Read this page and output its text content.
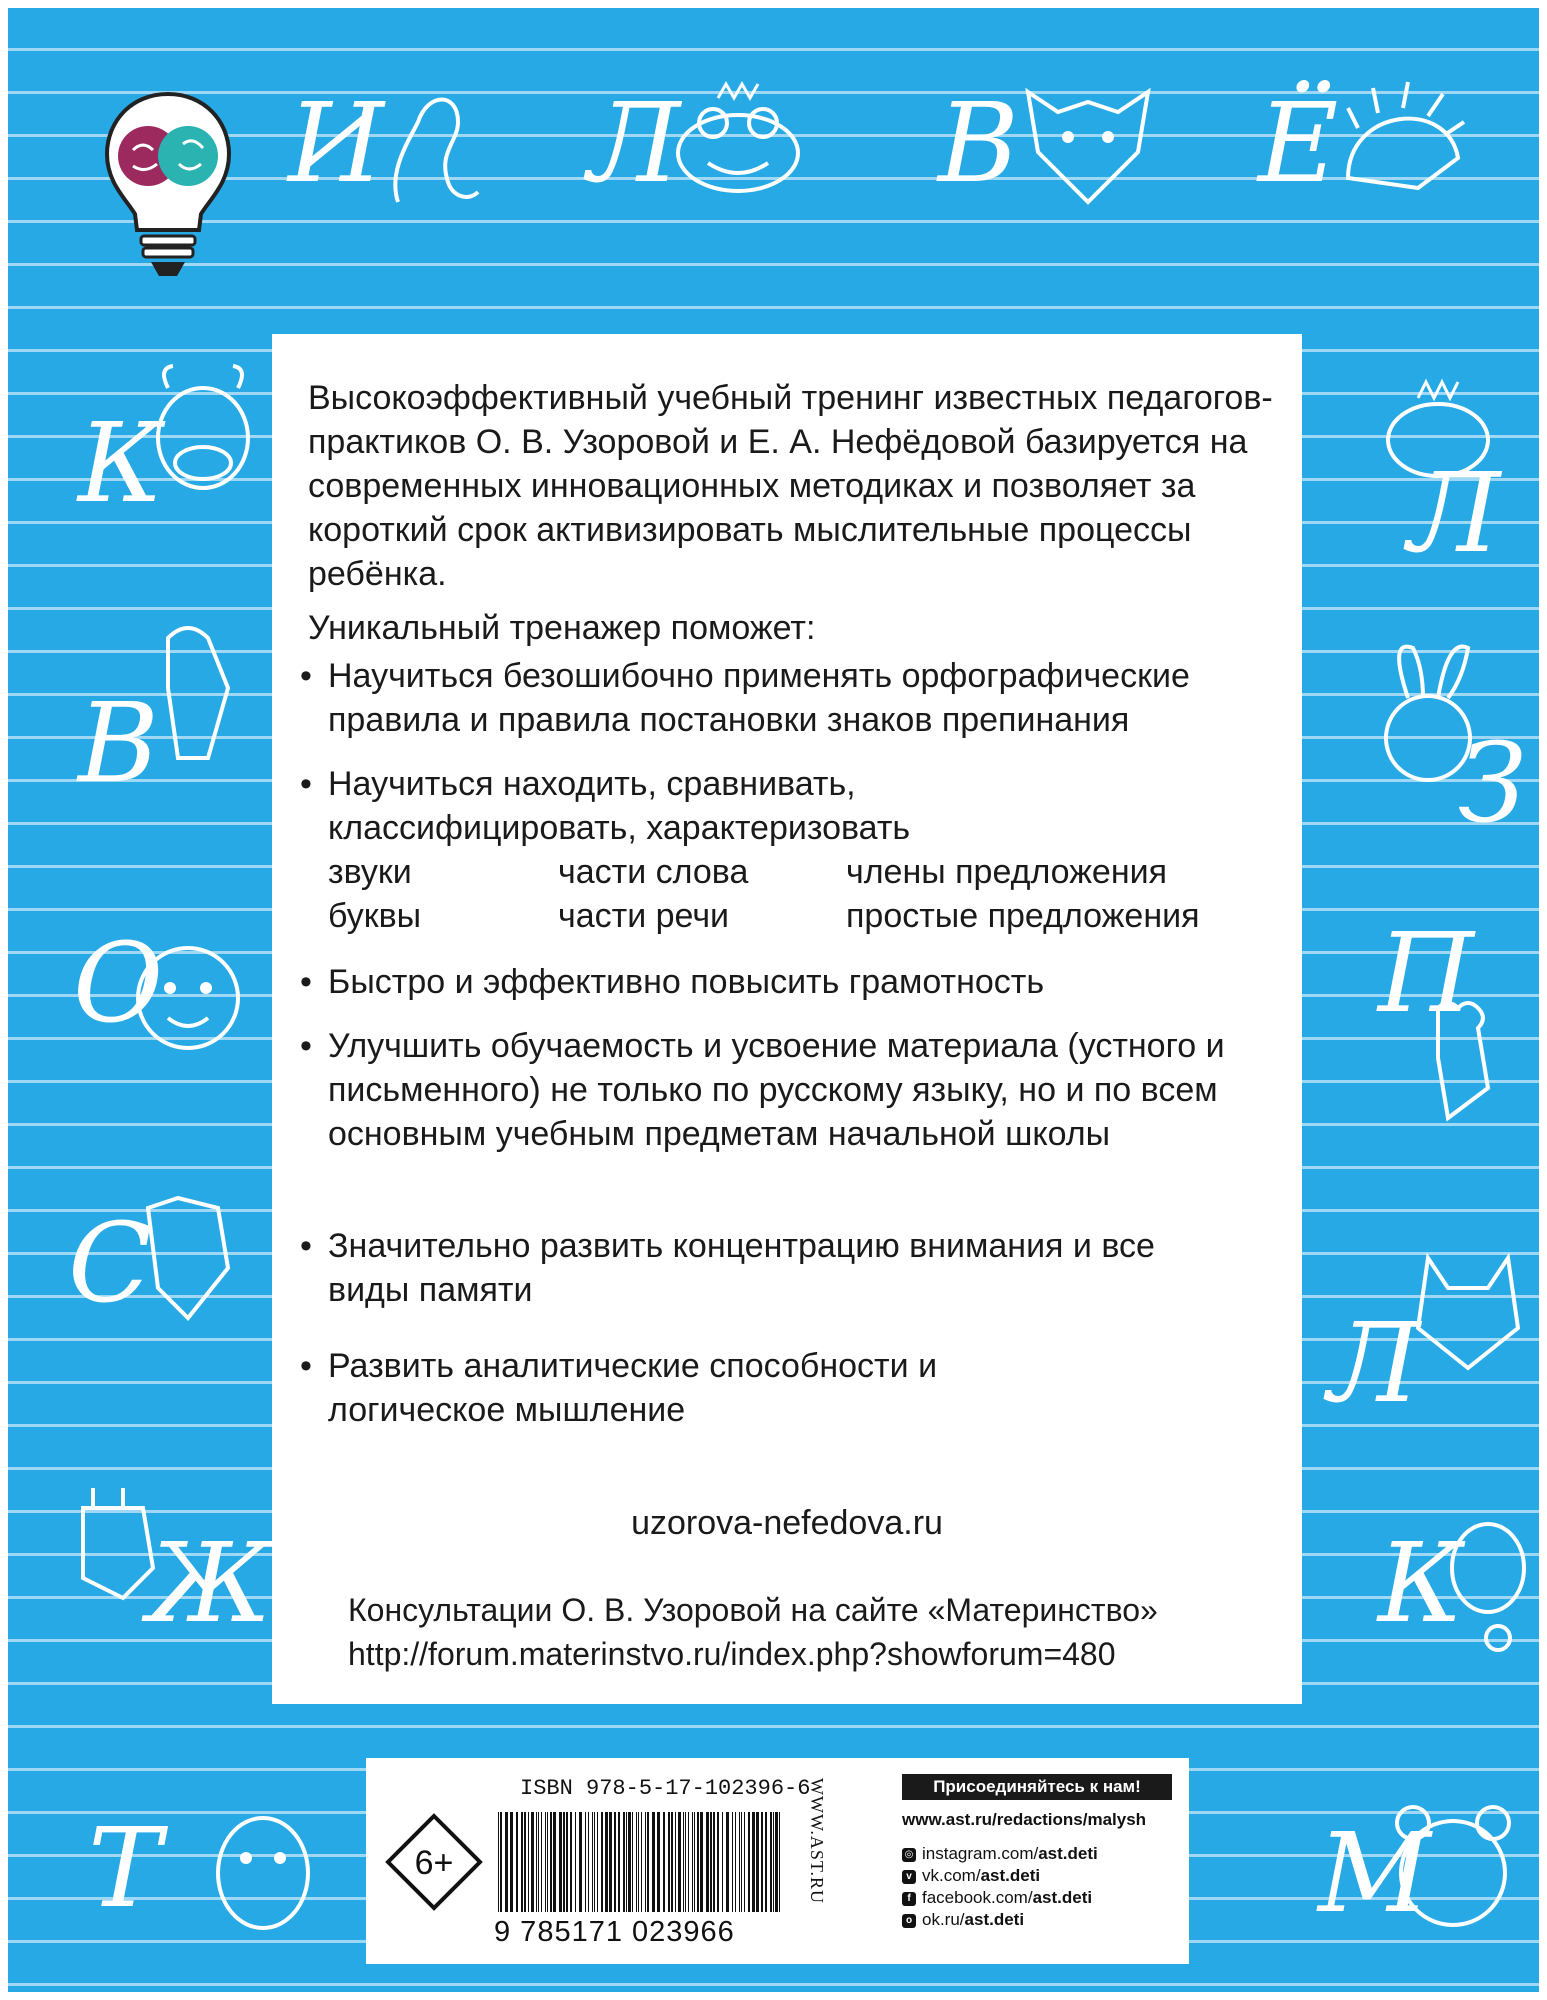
И Л В Ё
К
В
О
С
Ж
Т
Л
З
П
Л
К
М
Высокоэффективный учебный тренинг известных педагогов-практиков О. В. Узоровой и Е. А. Нефёдовой базируется на современных инновационных методиках и позволяет за короткий срок активизировать мыслительные процессы ребёнка.
Уникальный тренажер поможет:
• Научиться безошибочно применять орфографические правила и правила постановки знаков препинания
• Научиться находить, сравнивать, классифицировать, характеризовать
звуки
буквы
части слова
части речи
члены предложения
простые предложения
• Быстро и эффективно повысить грамотность
• Улучшить обучаемость и усвоение материала (устного и письменного) не только по русскому языку, но и по всем основным учебным предметам начальной школы
• Значительно развить концентрацию внимания и все виды памяти
• Развить аналитические способности и логическое мышление
uzorova-nefedova.ru
Консультации О. В. Узоровой на сайте «Материнство»
http://forum.materinstvo.ru/index.php?showforum=480
6+
ISBN 978-5-17-102396-6
9 785171 023966
WWW.AST.RU	Присоединяйтесь к нам!
www.ast.ru/redactions/malysh
◎ instagram.com/ast.deti
v vk.com/ast.deti
f facebook.com/ast.deti
o ok.ru/ast.deti
